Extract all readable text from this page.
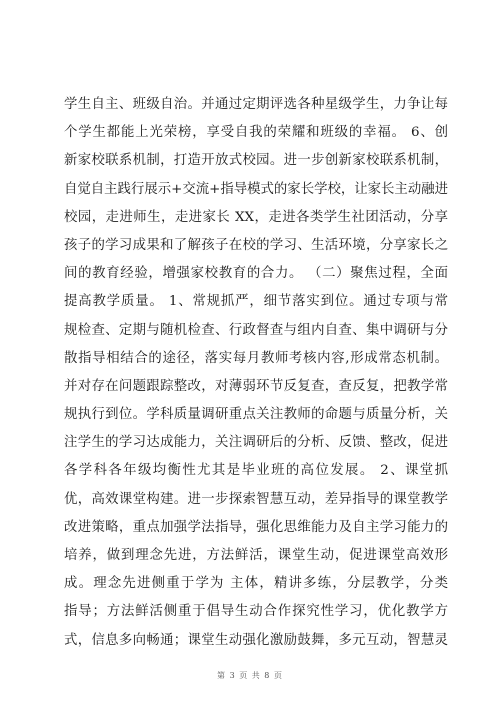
学生自主、班级自治。并通过定期评选各种星级学生，力争让每
个学生都能上光荣榜，享受自我的荣耀和班级的幸福。 6、创
新家校联系机制，打造开放式校园。进一步创新家校联系机制，
自觉自主践行展示+交流+指导模式的家长学校，让家长主动融进
校园，走进师生，走进家长 XX，走进各类学生社团活动，分享
孩子的学习成果和了解孩子在校的学习、生活环境，分享家长之
间的教育经验，增强家校教育的合力。 （二）聚焦过程，全面
提高教学质量。 1、常规抓严，细节落实到位。通过专项与常
规检查、定期与随机检查、行政督查与组内自查、集中调研与分
散指导相结合的途径，落实每月教师考核内容,形成常态机制。
并对存在问题跟踪整改，对薄弱环节反复查，查反复，把教学常
规执行到位。学科质量调研重点关注教师的命题与质量分析，关
注学生的学习达成能力，关注调研后的分析、反馈、整改，促进
各学科各年级均衡性尤其是毕业班的高位发展。 2、课堂抓
优，高效课堂构建。进一步探索智慧互动，差异指导的课堂教学
改进策略，重点加强学法指导，强化思维能力及自主学习能力的
培养，做到理念先进，方法鲜活，课堂生动，促进课堂高效形
成。理念先进侧重于学为 主体，精讲多练，分层教学，分类
指导；方法鲜活侧重于倡导生动合作探究性学习，优化教学方
式，信息多向畅通；课堂生动强化激励鼓舞，多元互动，智慧灵
第 3 页 共 8 页
